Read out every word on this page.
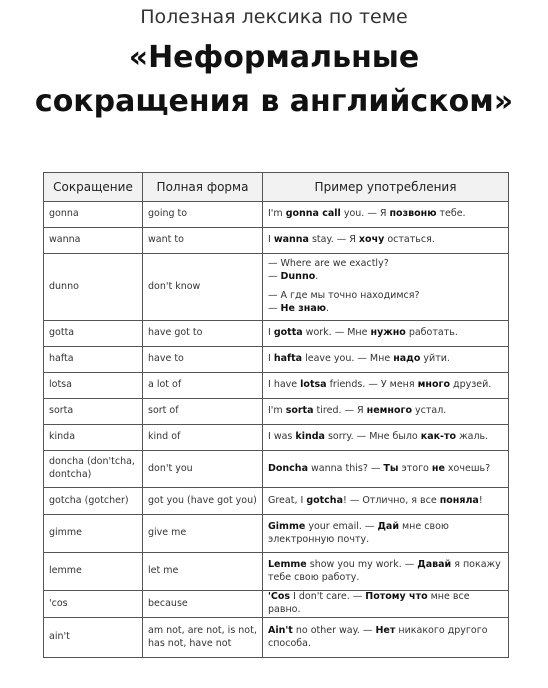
Полезная лексика по теме
«Неформальные
сокращения в английском»
Сокращение	Полная форма	Пример употребления
gonna	going to	I'm gonna call you. — Я позвоню тебе.
wanna	want to	I wanna stay. — Я хочу остаться.
dunno	don't know	— Where are we exactly?
— Dunno.
— А где мы точно находимся?
— Не знаю.

gotta	have got to	I gotta work. — Мне нужно работать.
hafta	have to	I hafta leave you. — Мне надо уйти.
lotsa	a lot of	I have lotsa friends. — У меня много друзей.
sorta	sort of	I'm sorta tired. — Я немного устал.
kinda	kind of	I was kinda sorry. — Мне было как-то жаль.
doncha (don'tcha, dontcha)	don't you	Doncha wanna this? — Ты этого не хочешь?
gotcha (gotcher)	got you (have got you)	Great, I gotcha! — Отлично, я все поняла!
gimme	give me	Gimme your email. — Дай мне свою электронную почту.
lemme	let me	Lemme show you my work. — Давай я покажу тебе свою работу.
'cos	because	'Cos I don't care. — Потому что мне все равно.
ain't	am not, are not, is not, has not, have not	Ain't no other way. — Нет никакого другого способа.
